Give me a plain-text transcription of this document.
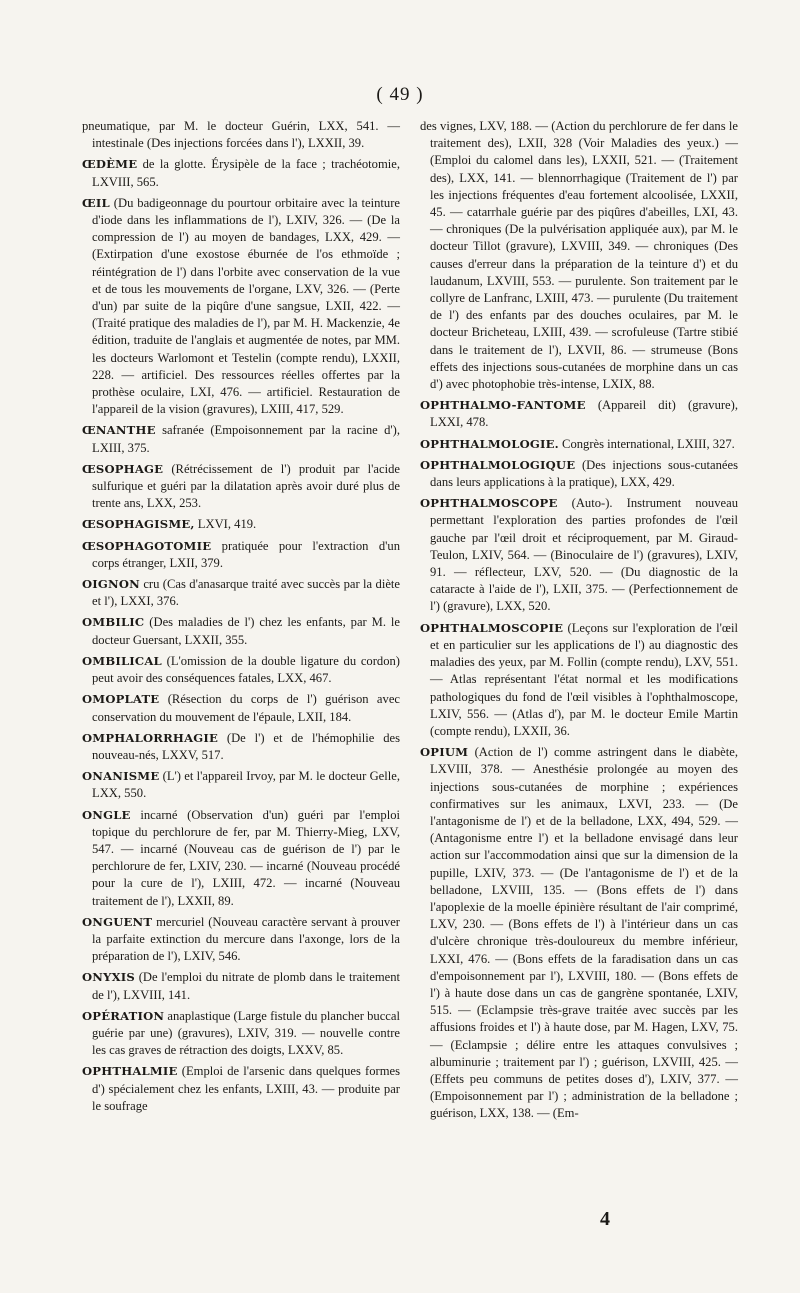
( 49 )

pneumatique, par M. le docteur Guérin, LXX, 541. — intestinale (Des injections forcées dans l'), LXXII, 39.

ŒDÈME de la glotte. Érysipèle de la face ; trachéotomie, LXVIII, 565.

ŒIL (Du badigeonnage du pourtour orbitaire avec la teinture d'iode dans les inflammations de l'), LXIV, 326. — (De la compression de l') au moyen de bandages, LXX, 429. — (Extirpation d'une exostose éburnée de l'os ethmoïde ; réintégration de l') dans l'orbite avec conservation de la vue et de tous les mouvements de l'organe, LXV, 326. — (Perte d'un) par suite de la piqûre d'une sangsue, LXII, 422. — (Traité pratique des maladies de l'), par M. H. Mackenzie, 4e édition, traduite de l'anglais et augmentée de notes, par MM. les docteurs Warlomont et Testelin (compte rendu), LXXII, 228. — artificiel. Des ressources réelles offertes par la prothèse oculaire, LXI, 476. — artificiel. Restauration de l'appareil de la vision (gravures), LXIII, 417, 529.

ŒNANTHE safranée (Empoisonnement par la racine d'), LXIII, 375.

ŒSOPHAGE (Rétrécissement de l') produit par l'acide sulfurique et guéri par la dilatation après avoir duré plus de trente ans, LXX, 253.

ŒSOPHAGISME, LXVI, 419.

ŒSOPHAGOTOMIE pratiquée pour l'extraction d'un corps étranger, LXII, 379.

OIGNON cru (Cas d'anasarque traité avec succès par la diète et l'), LXXI, 376.

OMBILIC (Des maladies de l') chez les enfants, par M. le docteur Guersant, LXXII, 355.

OMBILICAL (L'omission de la double ligature du cordon) peut avoir des conséquences fatales, LXX, 467.

OMOPLATE (Résection du corps de l') guérison avec conservation du mouvement de l'épaule, LXII, 184.

OMPHALORRHAGIE (De l') et de l'hémophilie des nouveau-nés, LXXV, 517.

ONANISME (L') et l'appareil Irvoy, par M. le docteur Gelle, LXX, 550.

ONGLE incarné (Observation d'un) guéri par l'emploi topique du perchlorure de fer, par M. Thierry-Mieg, LXV, 547. — incarné (Nouveau cas de guérison de l') par le perchlorure de fer, LXIV, 230. — incarné (Nouveau procédé pour la cure de l'), LXIII, 472. — incarné (Nouveau traitement de l'), LXXII, 89.

ONGUENT mercuriel (Nouveau caractère servant à prouver la parfaite extinction du mercure dans l'axonge, lors de la préparation de l'), LXIV, 546.

ONYXIS (De l'emploi du nitrate de plomb dans le traitement de l'), LXVIII, 141.

OPÉRATION anaplastique (Large fistule du plancher buccal guérie par une) (gravures), LXIV, 319. — nouvelle contre les cas graves de rétraction des doigts, LXXV, 85.

OPHTHALMIE (Emploi de l'arsenic dans quelques formes d') spécialement chez les enfants, LXIII, 43. — produite par le soufrage

des vignes, LXV, 188. — (Action du perchlorure de fer dans le traitement des), LXII, 328 (Voir Maladies des yeux.) — (Emploi du calomel dans les), LXXII, 521. — (Traitement des), LXX, 141. — blennorrhagique (Traitement de l') par les injections fréquentes d'eau fortement alcoolisée, LXXII, 45. — catarrhale guérie par des piqûres d'abeilles, LXI, 43. — chroniques (De la pulvérisation appliquée aux), par M. le docteur Tillot (gravure), LXVIII, 349. — chroniques (Des causes d'erreur dans la préparation de la teinture d') et du laudanum, LXVIII, 553. — purulente. Son traitement par le collyre de Lanfranc, LXIII, 473. — purulente (Du traitement de l') des enfants par des douches oculaires, par M. le docteur Bricheteau, LXIII, 439. — scrofuleuse (Tartre stibié dans le traitement de l'), LXVII, 86. — strumeuse (Bons effets des injections sous-cutanées de morphine dans un cas d') avec photophobie très-intense, LXIX, 88.

OPHTHALMO-FANTOME (Appareil dit) (gravure), LXXI, 478.

OPHTHALMOLOGIE. Congrès international, LXIII, 327.

OPHTHALMOLOGIQUE (Des injections sous-cutanées dans leurs applications à la pratique), LXX, 429.

OPHTHALMOSCOPE (Auto-). Instrument nouveau permettant l'exploration des parties profondes de l'œil gauche par l'œil droit et réciproquement, par M. Giraud-Teulon, LXIV, 564. — (Binoculaire de l') (gravures), LXIV, 91. — réflecteur, LXV, 520. — (Du diagnostic de la cataracte à l'aide de l'), LXII, 375. — (Perfectionnement de l') (gravure), LXX, 520.

OPHTHALMOSCOPIE (Leçons sur l'exploration de l'œil et en particulier sur les applications de l') au diagnostic des maladies des yeux, par M. Follin (compte rendu), LXV, 551. — Atlas représentant l'état normal et les modifications pathologiques du fond de l'œil visibles à l'ophthalmoscope, LXIV, 556. — (Atlas d'), par M. le docteur Emile Martin (compte rendu), LXXII, 36.

OPIUM (Action de l') comme astringent dans le diabète, LXVIII, 378. — Anesthésie prolongée au moyen des injections sous-cutanées de morphine ; expériences confirmatives sur les animaux, LXVI, 233. — (De l'antagonisme de l') et de la belladone, LXX, 494, 529. — (Antagonisme entre l') et la belladone envisagé dans leur action sur l'accommodation ainsi que sur la dimension de la pupille, LXIV, 373. — (De l'antagonisme de l') et de la belladone, LXVIII, 135. — (Bons effets de l') dans l'apoplexie de la moelle épinière résultant de l'air comprimé, LXV, 230. — (Bons effets de l') à l'intérieur dans un cas d'ulcère chronique très-douloureux du membre inférieur, LXXI, 476. — (Bons effets de la faradisation dans un cas d'empoisonnement par l'), LXVIII, 180. — (Bons effets de l') à haute dose dans un cas de gangrène spontanée, LXIV, 515. — (Eclampsie très-grave traitée avec succès par les affusions froides et l') à haute dose, par M. Hagen, LXV, 75. — (Eclampsie ; délire entre les attaques convulsives ; albuminurie ; traitement par l') ; guérison, LXVIII, 425. — (Effets peu communs de petites doses d'), LXIV, 377. — (Empoisonnement par l') ; administration de la belladone ; guérison, LXX, 138. — (Em-

4
